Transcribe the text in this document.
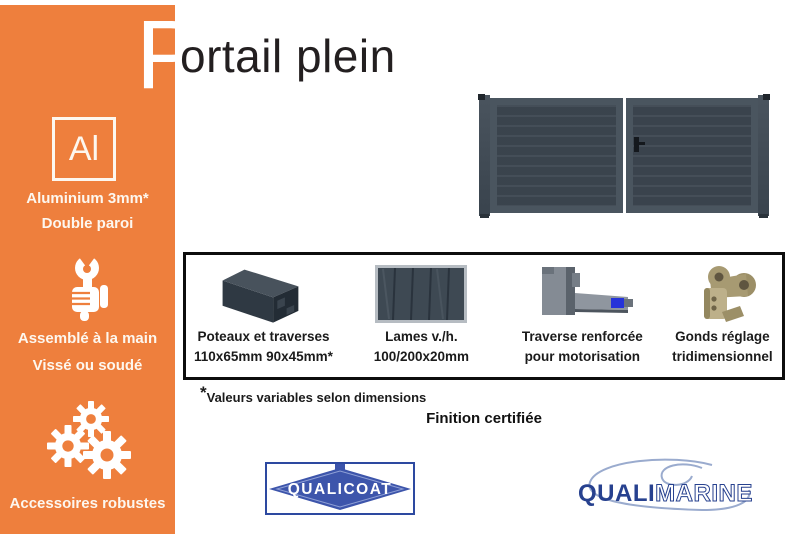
Al
Aluminium 3mm*
Double paroi
Assemblé à la main
Vissé ou soudé
Accessoires robustes
P
ortail plein
Poteaux et traverses
110x65mm 90x45mm*
Lames v./h.
100/200x20mm
Traverse renforcée
pour motorisation
Gonds réglage
tridimensionnel
*Valeurs variables selon dimensions
Finition certifiée
QUALICOAT	QUALIMARINE
